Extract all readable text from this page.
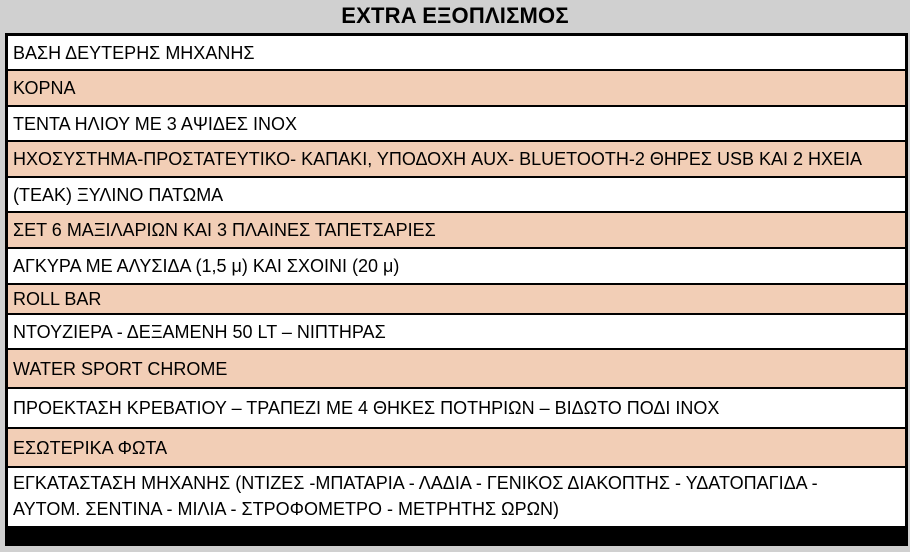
EXTRA ΕΞΟΠΛΙΣΜΟΣ
ΒΑΣΗ ΔΕΥΤΕΡΗΣ ΜΗΧΑΝΗΣ
ΚΟΡΝΑ
ΤΕΝΤΑ ΗΛΙΟΥ ΜΕ 3 ΑΨΙΔΕΣ INOX
ΗΧΟΣΥΣΤΗΜΑ-ΠΡΟΣΤΑΤΕΥΤΙΚΟ- ΚΑΠΑΚΙ, ΥΠΟΔΟΧΗ AUX- BLUETOOTH-2 ΘΗΡΕΣ USB ΚΑΙ 2 ΗΧΕΙΑ
(ΤΕΑΚ) ΞΥΛΙΝΟ ΠΑΤΩΜΑ
ΣΕΤ 6 ΜΑΞΙΛΑΡΙΩΝ ΚΑΙ 3 ΠΛΑΙΝΕΣ ΤΑΠΕΤΣΑΡΙΕΣ
ΑΓΚΥΡΑ ΜΕ ΑΛΥΣΙΔΑ (1,5 μ) ΚΑΙ ΣΧΟΙΝΙ (20 μ)
ROLL BAR
ΝΤΟΥΖΙΕΡΑ - ΔΕΞΑΜΕΝΗ 50 LT – ΝΙΠΤΗΡΑΣ
WATER SPORT CHROME
ΠΡΟΕΚΤΑΣΗ ΚΡΕΒΑΤΙΟΥ – ΤΡΑΠΕΖΙ ΜΕ 4 ΘΗΚΕΣ ΠΟΤΗΡΙΩΝ – ΒΙΔΩΤΟ ΠΟΔΙ INOX
ΕΣΩΤΕΡΙΚΑ ΦΩΤΑ
ΕΓΚΑΤΑΣΤΑΣΗ ΜΗΧΑΝΗΣ (ΝΤΙΖΕΣ -ΜΠΑΤΑΡΙΑ - ΛΑΔΙΑ - ΓΕΝΙΚΟΣ ΔΙΑΚΟΠΤΗΣ - ΥΔΑΤΟΠΑΓΙΔΑ -
ΑΥΤΟΜ. ΣΕΝΤΙΝΑ - ΜΙΛΙΑ - ΣΤΡΟΦΟΜΕΤΡΟ - ΜΕΤΡΗΤΗΣ ΩΡΩΝ)
